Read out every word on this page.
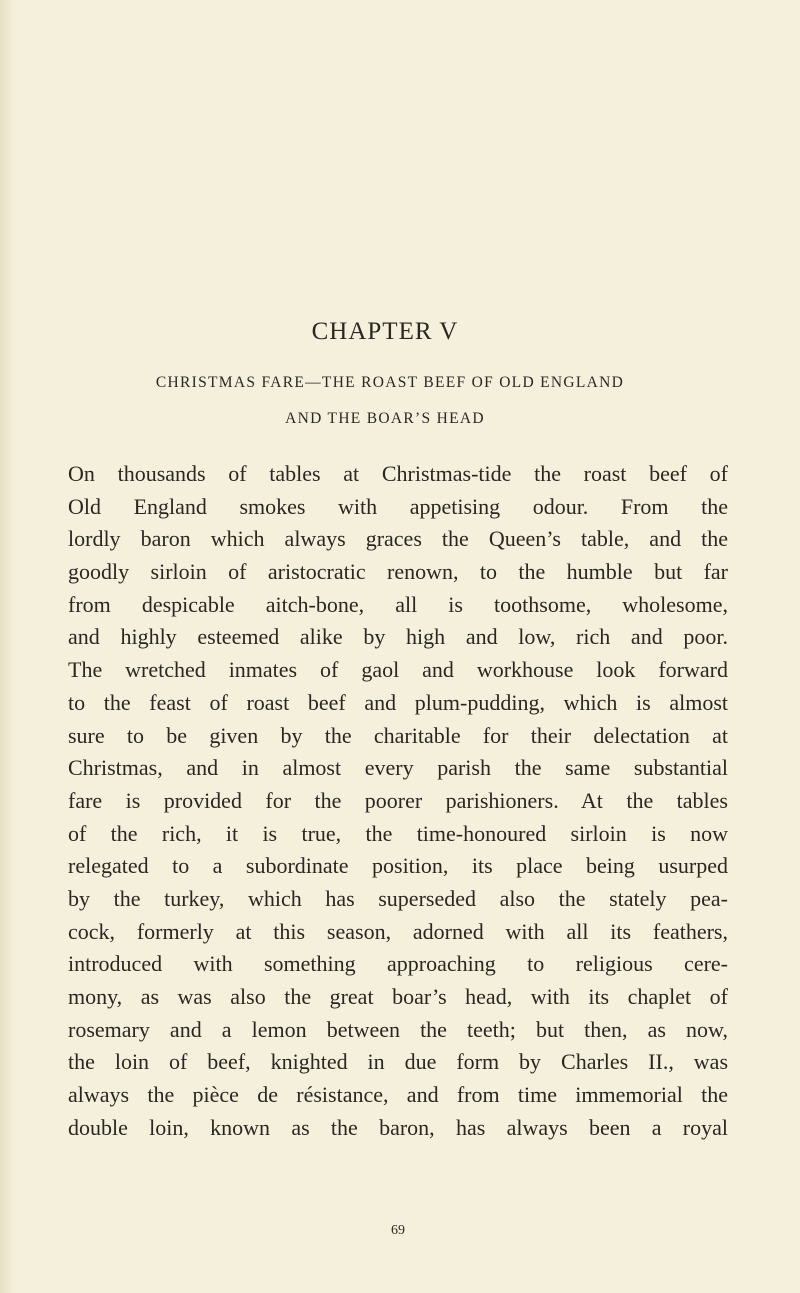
CHAPTER V
CHRISTMAS FARE—THE ROAST BEEF OF OLD ENGLAND
AND THE BOAR’S HEAD
On thousands of tables at Christmas-tide the roast beef of
Old England smokes with appetising odour. From the
lordly baron which always graces the Queen’s table, and the
goodly sirloin of aristocratic renown, to the humble but far
from despicable aitch-bone, all is toothsome, wholesome,
and highly esteemed alike by high and low, rich and poor.
The wretched inmates of gaol and workhouse look forward
to the feast of roast beef and plum-pudding, which is almost
sure to be given by the charitable for their delectation at
Christmas, and in almost every parish the same substantial
fare is provided for the poorer parishioners. At the tables
of the rich, it is true, the time-honoured sirloin is now
relegated to a subordinate position, its place being usurped
by the turkey, which has superseded also the stately pea-
cock, formerly at this season, adorned with all its feathers,
introduced with something approaching to religious cere-
mony, as was also the great boar’s head, with its chaplet of
rosemary and a lemon between the teeth; but then, as now,
the loin of beef, knighted in due form by Charles II., was
always the pièce de résistance, and from time immemorial the
double loin, known as the baron, has always been a royal
69
